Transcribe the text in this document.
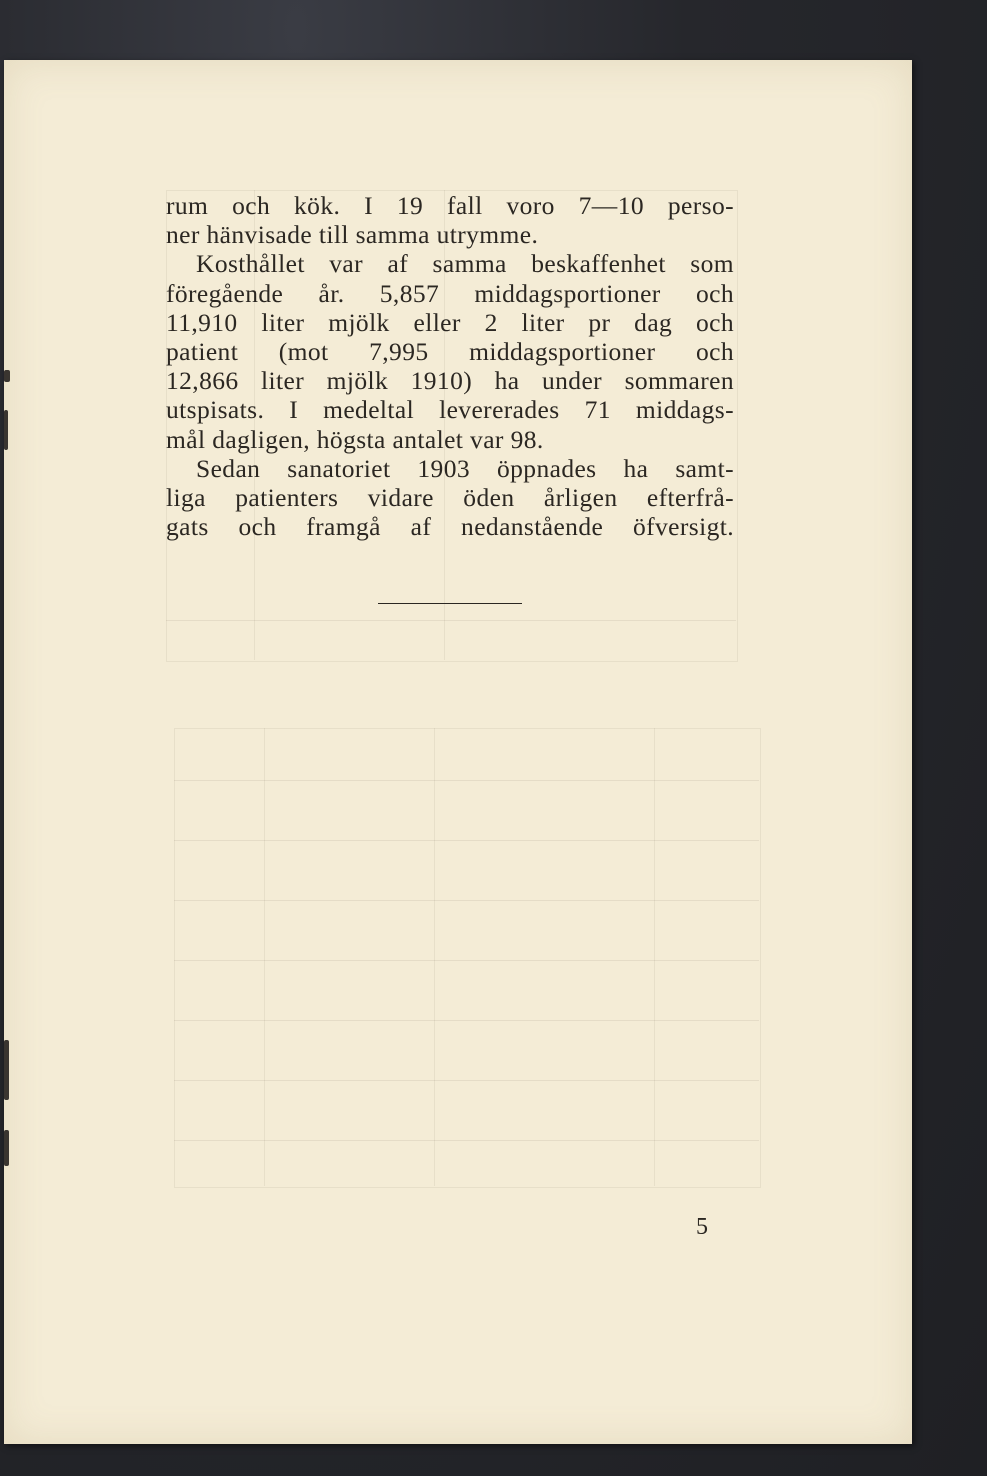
rum och kök. I 19 fall voro 7—10 perso-
ner hänvisade till samma utrymme.
Kosthållet var af samma beskaffenhet som
föregående år. 5,857 middagsportioner och
11,910 liter mjölk eller 2 liter pr dag och
patient (mot 7,995 middagsportioner och
12,866 liter mjölk 1910) ha under sommaren
utspisats. I medeltal levererades 71 middags-
mål dagligen, högsta antalet var 98.
Sedan sanatoriet 1903 öppnades ha samt-
liga patienters vidare öden årligen efterfrå-
gats och framgå af nedanstående öfversigt.
5
